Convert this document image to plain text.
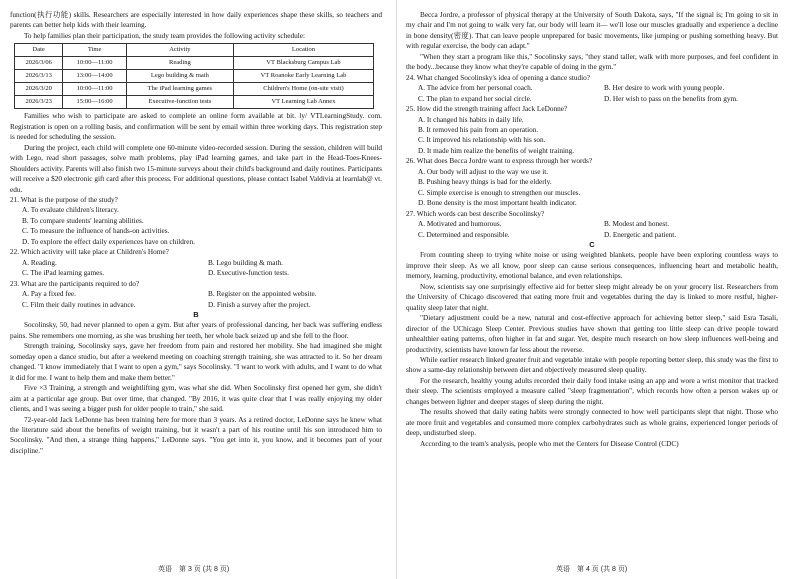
function(执行功能) skills. Researchers are especially interested in how daily experiences shape these skills, so teachers and parents can better help kids with their learning.

To help families plan their participation, the study team provides the following activity schedule:

Date	Time	Activity	Location
2026/3/06	10:00—11:00	Reading	VT Blacksburg Campus Lab
2026/3/13	13:00—14:00	Lego building & math	VT Roanoke Early Learning Lab
2026/3/20	10:00—11:00	The iPad learning games	Children's Home (on-site visit)
2026/3/23	15:00—16:00	Executive-function tests	VT Learning Lab Annex

Families who wish to participate are asked to complete an online form available at bit. ly/ VTLearningStudy. com. Registration is open on a rolling basis, and confirmation will be sent by email within three working days. This registration step is needed for scheduling the session.

During the project, each child will complete one 60-minute video-recorded session. During the session, children will build with Lego, read short passages, solve math problems, play iPad learning games, and take part in the Head-Toes-Knees-Shoulders activity. Parents will also finish two 15-minute surveys about their child's background and daily routines. Participants will receive a $20 electronic gift card after this process. For additional questions, please contact Isabel Valdivia at learnlab@ vt. edu.

21. What is the purpose of the study?

A. To evaluate children's literacy.

B. To compare students' learning abilities.

C. To measure the influence of hands-on activities.

D. To explore the effect daily experiences have on children.

22. Which activity will take place at Children's Home?

A. Reading.	B. Lego building & math.
C. The iPad learning games.	D. Executive-function tests.

23. What are the participants required to do?

A. Pay a fixed fee.	B. Register on the appointed website.
C. Film their daily routines in advance.	D. Finish a survey after the project.

B

Socolinsky, 50, had never planned to open a gym. But after years of professional dancing, her back was suffering endless pains. She remembers one morning, as she was brushing her teeth, her whole back seized up and she fell to the floor.

Strength training, Socolinsky says, gave her freedom from pain and restored her mobility. She had imagined she might someday open a dance studio, but after a weekend meeting on coaching strength training, she was attracted to it. So her dream changed. "I know immediately that I want to open a gym," says Socolinsky. "I want to work with adults, and I want to do what it did for me. I want to help them and make them better."

Five ×3 Training, a strength and weightlifting gym, was what she did. When Socolinsky first opened her gym, she didn't aim at a particular age group. But over time, that changed. "By 2016, it was quite clear that I was really enjoying my older clients, and I was seeing a bigger push for older people to train," she said.

72-year-old Jack LeDonne has been training here for more than 3 years. As a retired doctor, LeDonne says he knew what the literature said about the benefits of weight training, but it wasn't a part of his routine until his son introduced him to Socolinsky. "And then, a strange thing happens," LeDonne says. "You get into it, you know, and it becomes part of your discipline."

英语　第 3 页 (共 8 页)

Becca Jordre, a professor of physical therapy at the University of South Dakota, says, "If the signal is; I'm going to sit in my chair and I'm not going to walk very far, our body will learn it— we'll lose our muscles gradually and experience a decline in bone density(密度). That can leave people unprepared for basic movements, like jumping or pushing something heavy. But with regular exercise, the body can adapt."

"When they start a program like this," Socolinsky says, "they stand taller, walk with more purposes, and feel confident in the body...because they know what they're capable of doing in the gym."

24. What changed Socolinsky's idea of opening a dance studio?

A. The advice from her personal coach.	B. Her desire to work with young people.
C. The plan to expand her social circle.	D. Her wish to pass on the benefits from gym.

25. How did the strength training affect Jack LeDonne?

A. It changed his habits in daily life.

B. It removed his pain from an operation.

C. It improved his relationship with his son.

D. It made him realize the benefits of weight training.

26. What does Becca Jordre want to express through her words?

A. Our body will adjust to the way we use it.

B. Pushing heavy things is bad for the elderly.

C. Simple exercise is enough to strengthen our muscles.

D. Bone density is the most important health indicator.

27. Which words can best describe Socolinsky?

A. Motivated and humorous.	B. Modest and honest.
C. Determined and responsible.	D. Energetic and patient.

C

From counting sheep to trying white noise or using weighted blankets, people have been exploring countless ways to improve their sleep. As we all know, poor sleep can cause serious consequences, influencing heart and metabolic health, memory, learning, productivity, emotional balance, and even relationships.

Now, scientists say one surprisingly effective aid for better sleep might already be on your grocery list. Researchers from the University of Chicago discovered that eating more fruit and vegetables during the day is linked to more restful, higher-quality sleep later that night.

"Dietary adjustment could be a new, natural and cost-effective approach for achieving better sleep," said Esra Tasali, director of the UChicago Sleep Center. Previous studies have shown that getting too little sleep can drive people toward unhealthier eating patterns, often higher in fat and sugar. Yet, despite much research on how sleep influences well-being and productivity, scientists have known far less about the reverse.

While earlier research linked greater fruit and vegetable intake with people reporting better sleep, this study was the first to show a same-day relationship between diet and objectively measured sleep quality.

For the research, healthy young adults recorded their daily food intake using an app and wore a wrist monitor that tracked their sleep. The scientists employed a measure called "sleep fragmentation", which records how often a person wakes up or changes between lighter and deeper stages of sleep during the night.

The results showed that daily eating habits were strongly connected to how well participants slept that night. Those who ate more fruit and vegetables and consumed more complex carbohydrates such as whole grains, experienced longer periods of deep, undisturbed sleep.

According to the team's analysis, people who met the Centers for Disease Control (CDC)

英语　第 4 页 (共 8 页)
